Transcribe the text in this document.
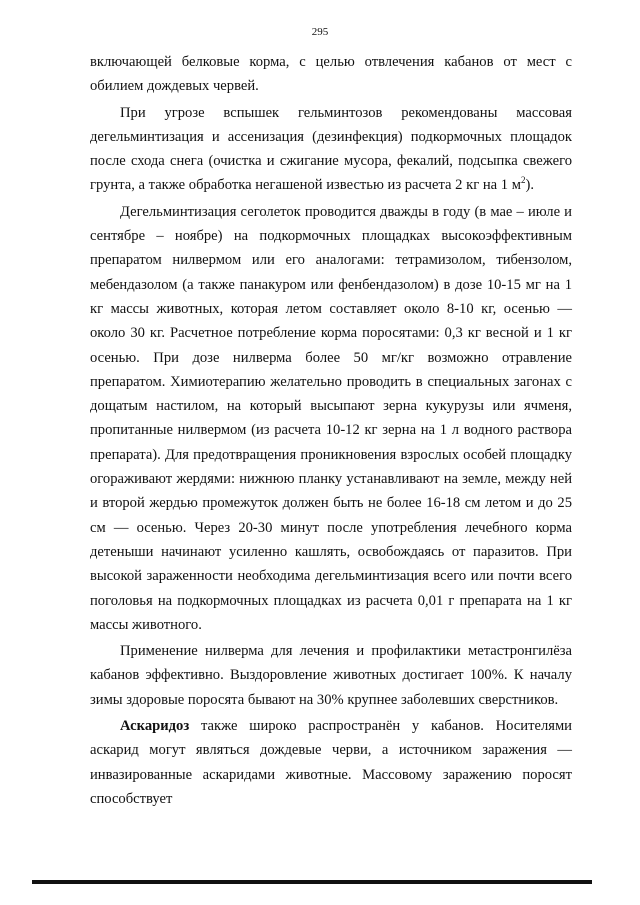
295

включающей белковые корма, с целью отвлечения кабанов от мест с обилием дождевых червей.

При угрозе вспышек гельминтозов рекомендованы массовая дегельминтизация и ассенизация (дезинфекция) подкормочных площадок после схода снега (очистка и сжигание мусора, фекалий, подсыпка свежего грунта, а также обработка негашеной известью из расчета 2 кг на 1 $м^2$).

Дегельминтизация сеголеток проводится дважды в году (в мае – июле и сентябре – ноябре) на подкормочных площадках высокоэффективным препаратом нилвермом или его аналогами: тетрамизолом, тибензолом, мебендазолом (а также панакуром или фенбендазолом) в дозе 10-15 мг на 1 кг массы животных, которая летом составляет около 8-10 кг, осенью — около 30 кг. Расчетное потребление корма поросятами: 0,3 кг весной и 1 кг осенью. При дозе нилверма более 50 мг/кг возможно отравление препаратом. Химиотерапию желательно проводить в специальных загонах с дощатым настилом, на который высыпают зерна кукурузы или ячменя, пропитанные нилвермом (из расчета 10-12 кг зерна на 1 л водного раствора препарата). Для предотвращения проникновения взрослых особей площадку огораживают жердями: нижнюю планку устанавливают на земле, между ней и второй жердью промежуток должен быть не более 16-18 см летом и до 25 см — осенью. Через 20-30 минут после употребления лечебного корма детеныши начинают усиленно кашлять, освобождаясь от паразитов. При высокой зараженности необходима дегельминтизация всего или почти всего поголовья на подкормочных площадках из расчета 0,01 г препарата на 1 кг массы животного.

Применение нилверма для лечения и профилактики метастронгилёза кабанов эффективно. Выздоровление животных достигает 100%. К началу зимы здоровые поросята бывают на 30% крупнее заболевших сверстников.

Аскаридоз также широко распространён у кабанов. Носителями аскарид могут являться дождевые черви, а источником заражения — инвазированные аскаридами животные. Массовому заражению поросят способствует
